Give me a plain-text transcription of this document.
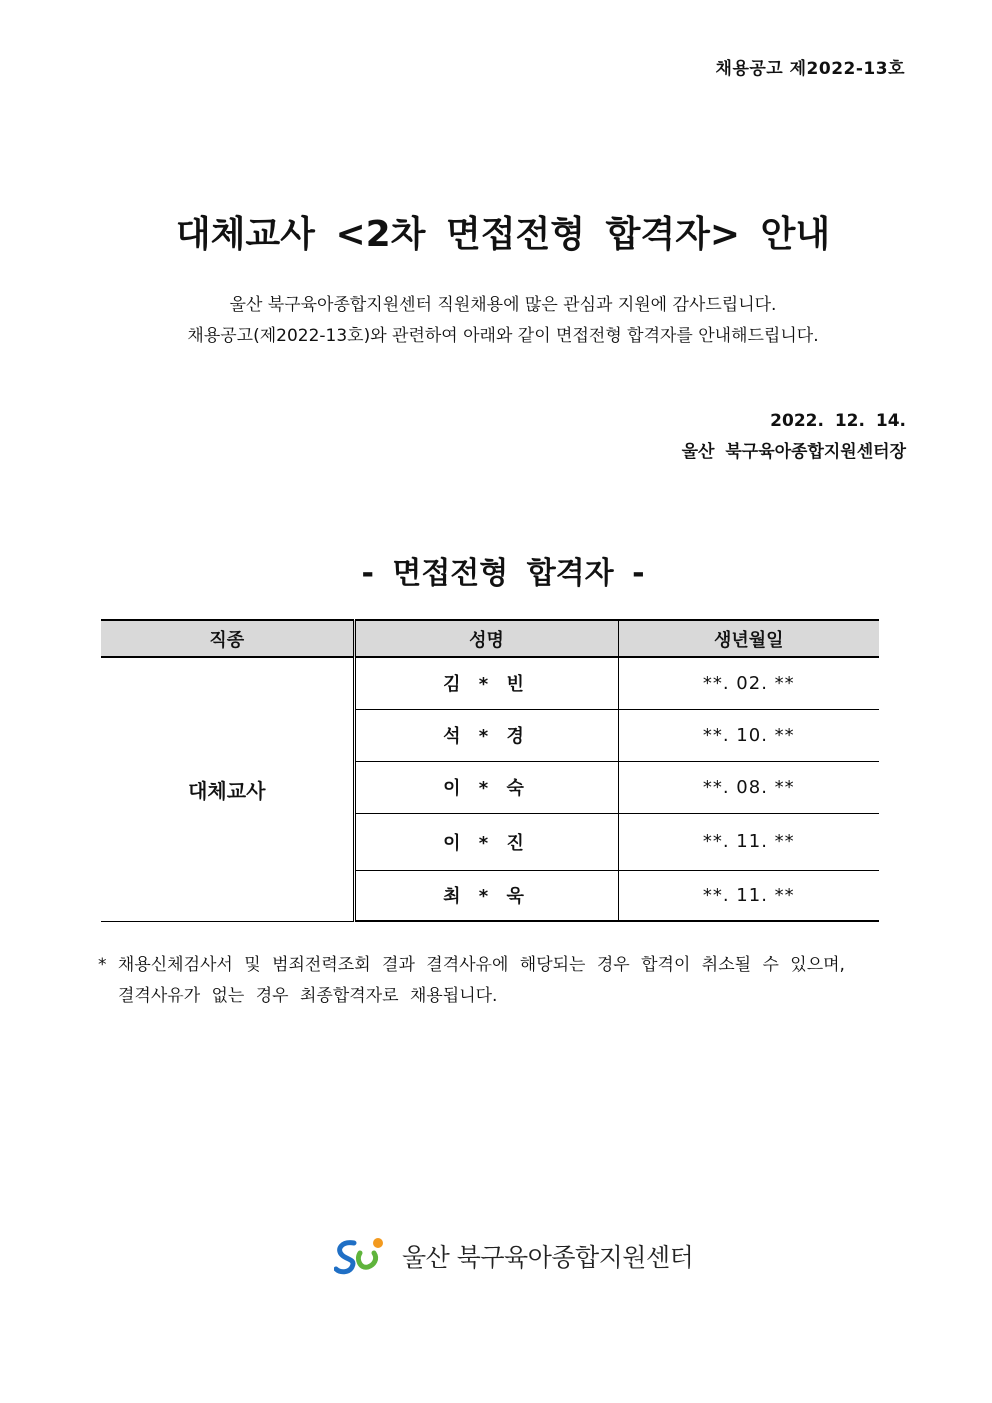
채용공고 제2022-13호
대체교사 <2차 면접전형 합격자> 안내

울산 북구육아종합지원센터 직원채용에 많은 관심과 지원에 감사드립니다.

채용공고(제2022-13호)와 관련하여 아래와 같이 면접전형 합격자를 안내해드립니다.

2022. 12. 14.

울산 북구육아종합지원센터장

- 면접전형 합격자 -
직종	성명	생년월일
대체교사	김 * 빈	**. 02. **
	석 * 경	**. 10. **
	이 * 숙	**. 08. **
	이 * 진	**. 11. **
	최 * 욱	**. 11. **

* 채용신체검사서 및 범죄전력조회 결과 결격사유에 해당되는 경우 합격이 취소될 수 있으며,

결격사유가 없는 경우 최종합격자로 채용됩니다.

울산 북구육아종합지원센터
